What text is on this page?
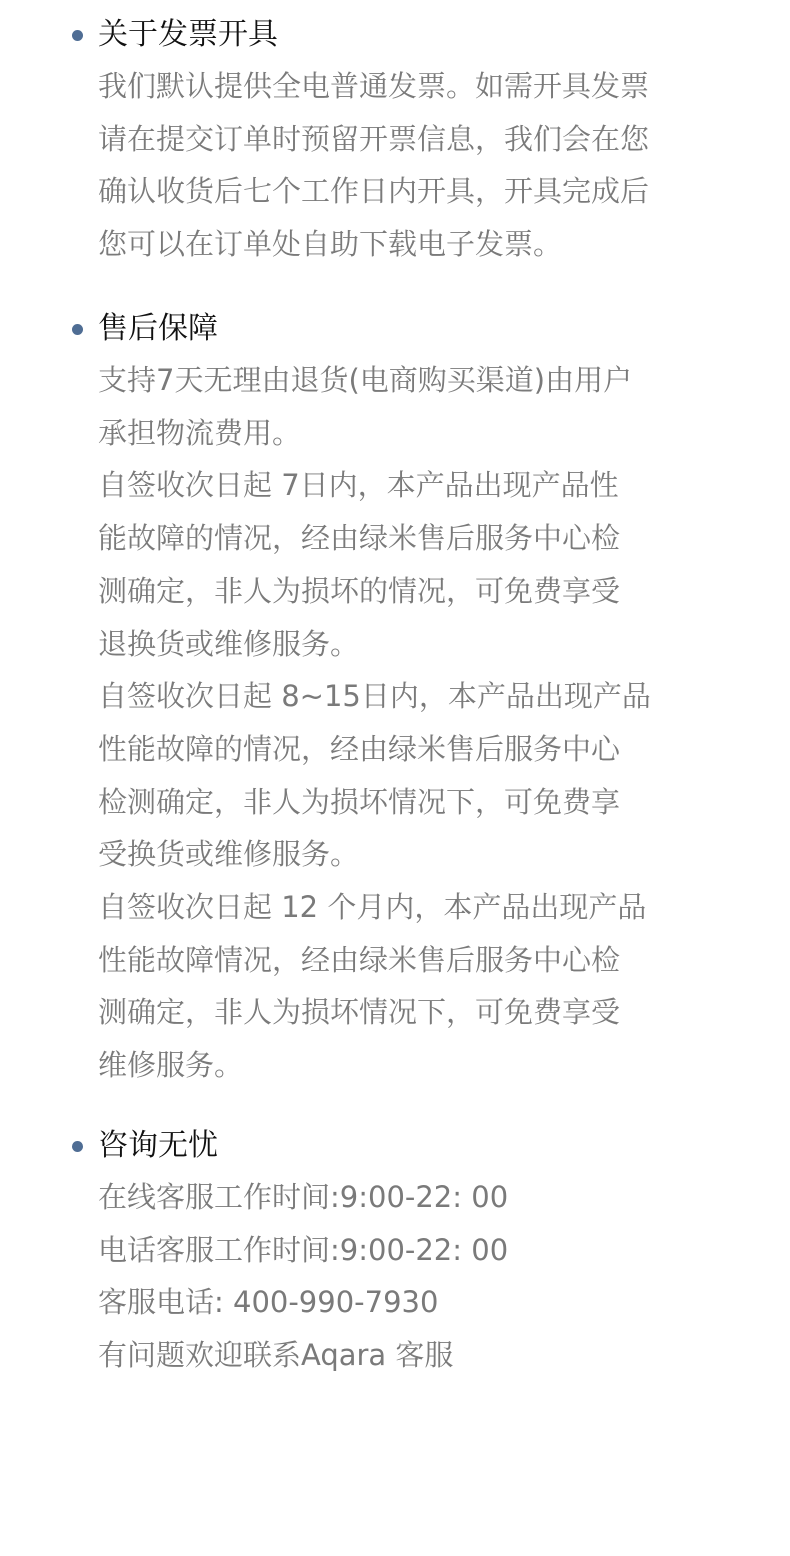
关于发票开具
我们默认提供全电普通发票。如需开具发票
请在提交订单时预留开票信息，我们会在您
确认收货后七个工作日内开具，开具完成后
您可以在订单处自助下载电子发票。
售后保障
支持7天无理由退货(电商购买渠道)由用户
承担物流费用。
自签收次日起 7日内，本产品出现产品性
能故障的情况，经由绿米售后服务中心检
测确定，非人为损坏的情况，可免费享受
退换货或维修服务。
自签收次日起 8~15日内，本产品出现产品
性能故障的情况，经由绿米售后服务中心
检测确定，非人为损坏情况下，可免费享
受换货或维修服务。
自签收次日起 12 个月内，本产品出现产品
性能故障情况，经由绿米售后服务中心检
测确定，非人为损坏情况下，可免费享受
维修服务。
咨询无忧
在线客服工作时间:9:00-22: 00
电话客服工作时间:9:00-22: 00
客服电话: 400-990-7930
有问题欢迎联系Aqara 客服
